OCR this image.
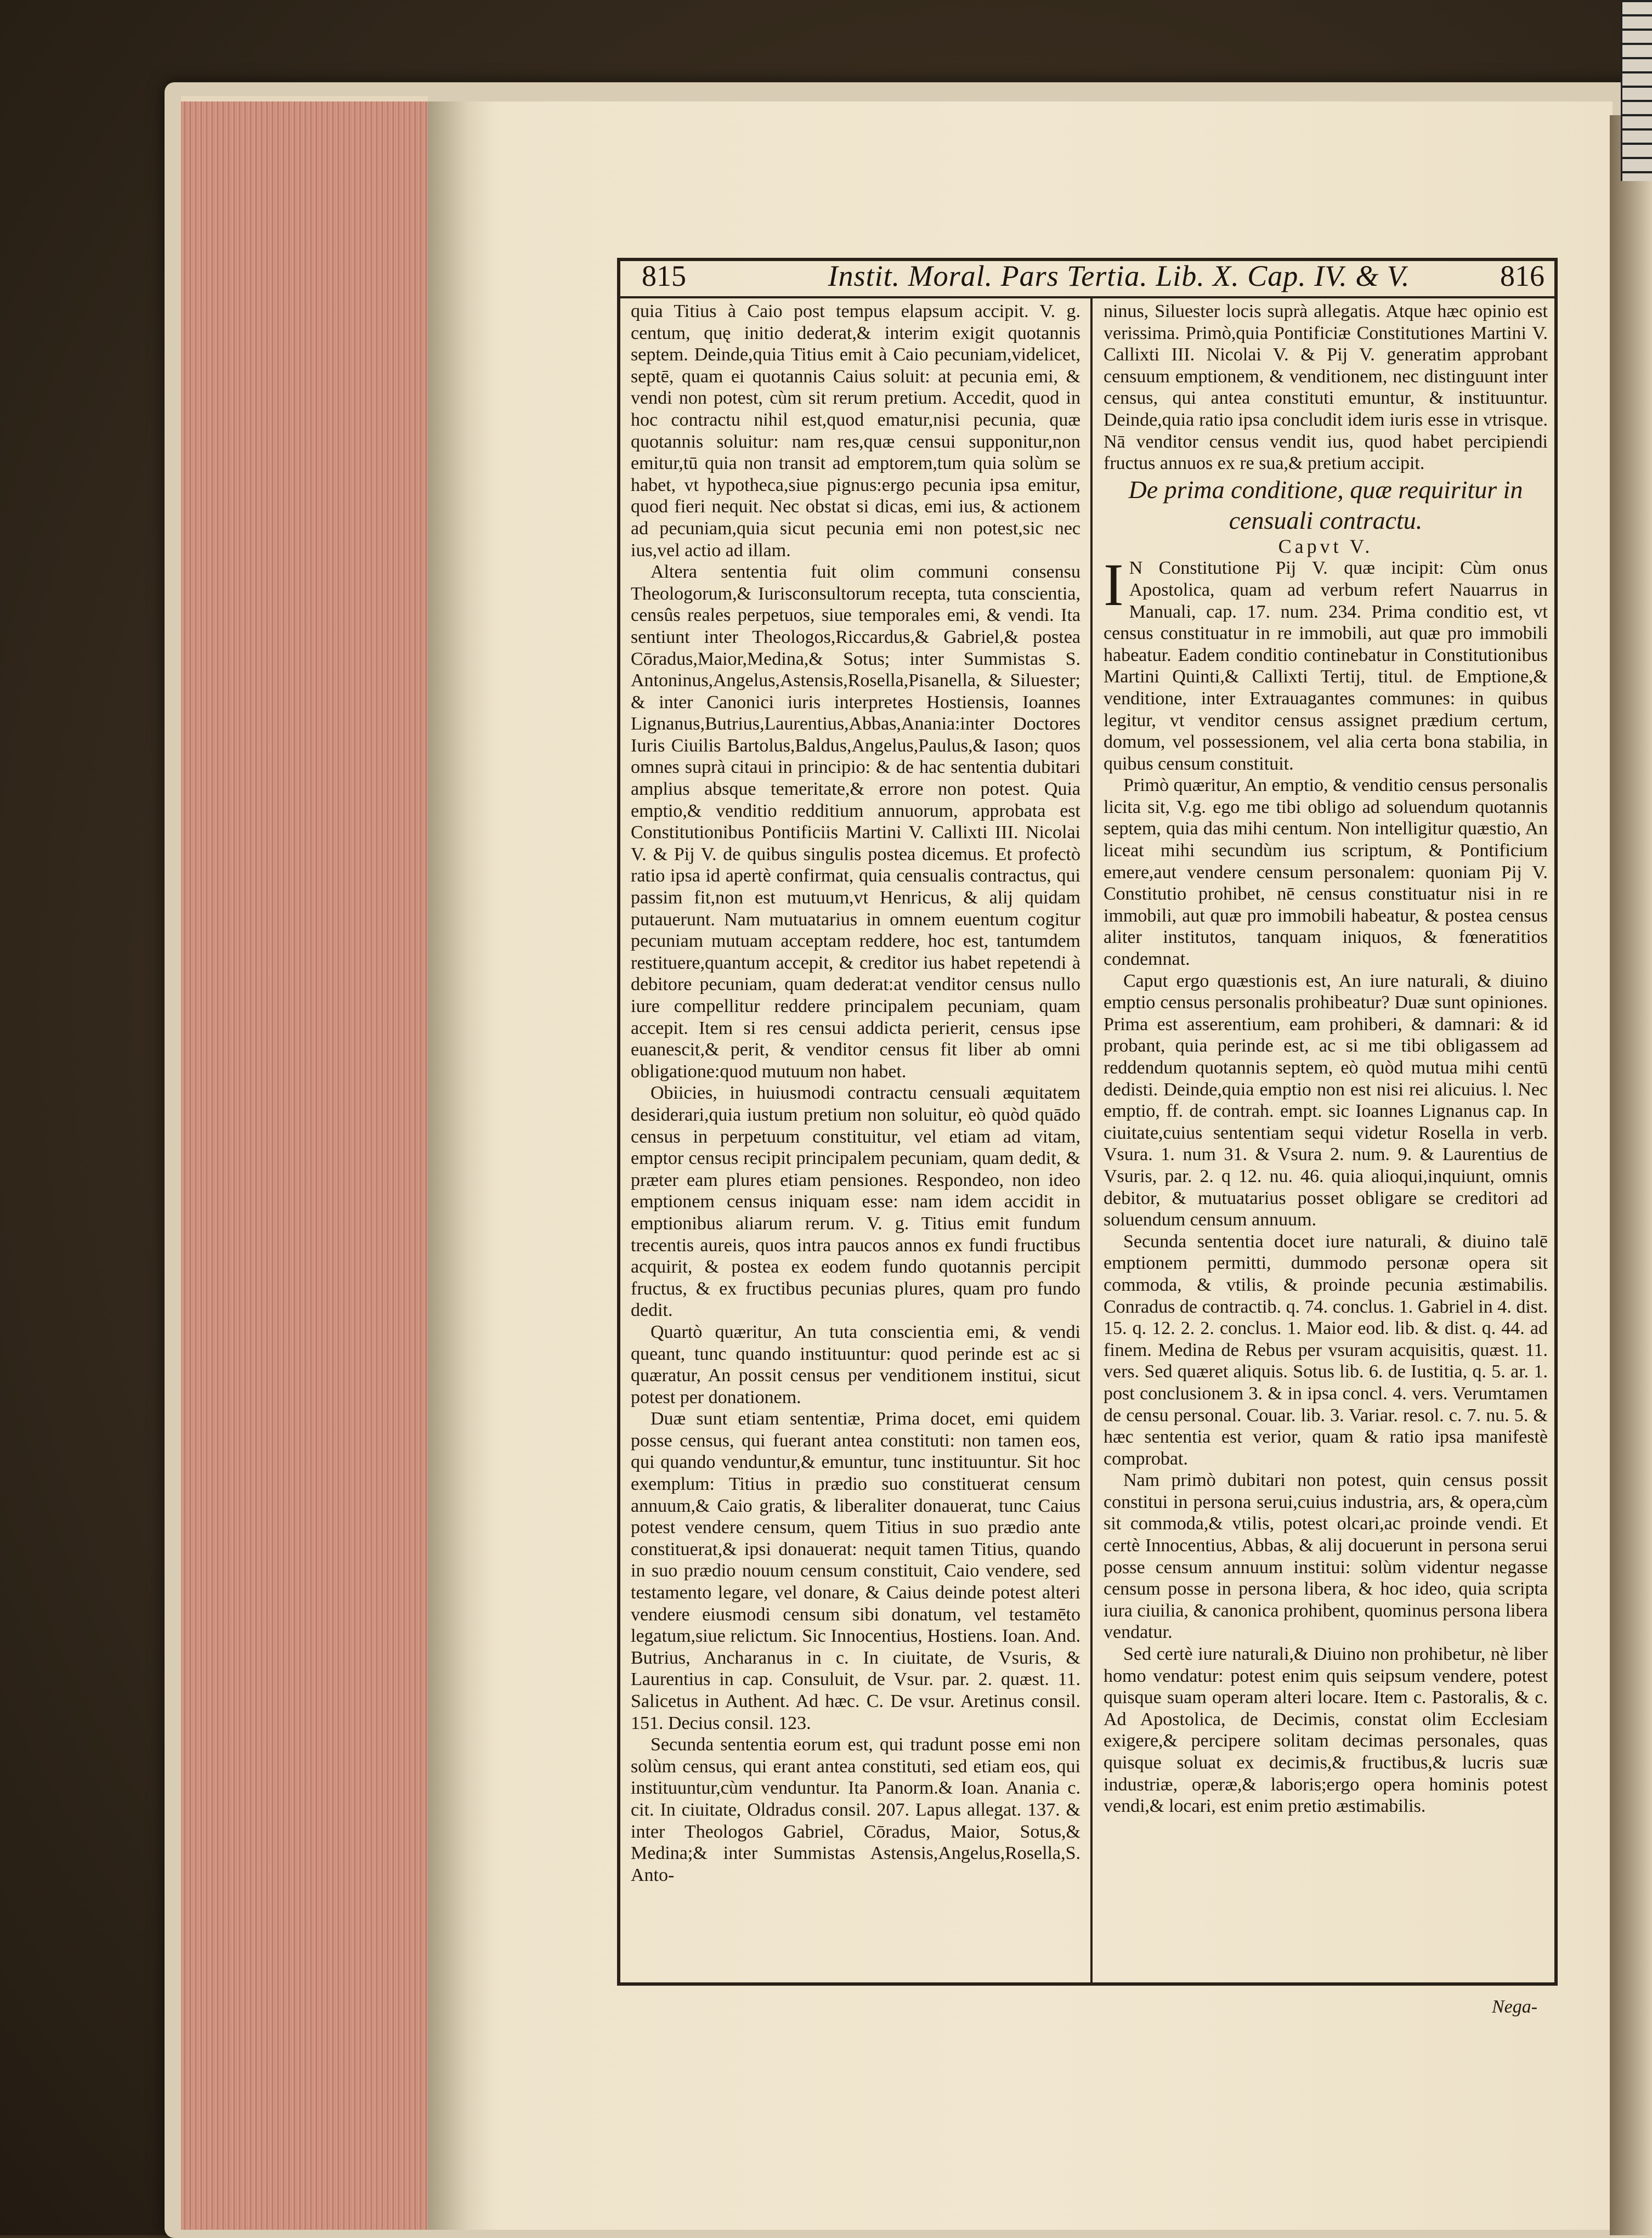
815	Instit. Moral. Pars Tertia. Lib. X. Cap. IV. & V.	816

quia Titius à Caio post tempus elapsum accipit. V. g. centum, quę initio dederat,& interim exigit quotannis septem. Deinde,quia Titius emit à Caio pecuniam,videlicet, septē, quam ei quotannis Caius soluit: at pecunia emi, & vendi non potest, cùm sit rerum pretium. Accedit, quod in hoc contractu nihil est,quod ematur,nisi pecunia, quæ quotannis soluitur: nam res,quæ censui supponitur,non emitur,tū quia non transit ad emptorem,tum quia solùm se habet, vt hypotheca,siue pignus:ergo pecunia ipsa emitur, quod fieri nequit. Nec obstat si dicas, emi ius, & actionem ad pecuniam,quia sicut pecunia emi non potest,sic nec ius,vel actio ad illam.

Altera sententia fuit olim communi consensu Theologorum,& Iurisconsultorum recepta, tuta conscientia, censûs reales perpetuos, siue temporales emi, & vendi. Ita sentiunt inter Theologos,Riccardus,& Gabriel,& postea Cōradus,Maior,Medina,& Sotus; inter Summistas S. Antoninus,Angelus,Astensis,Rosella,Pisanella, & Siluester; & inter Canonici iuris interpretes Hostiensis, Ioannes Lignanus,Butrius,Laurentius,Abbas,Anania:inter Doctores Iuris Ciuilis Bartolus,Baldus,Angelus,Paulus,& Iason; quos omnes suprà citaui in principio: & de hac sententia dubitari amplius absque temeritate,& errore non potest. Quia emptio,& venditio redditium annuorum, approbata est Constitutionibus Pontificiis Martini V. Callixti III. Nicolai V. & Pij V. de quibus singulis postea dicemus. Et profectò ratio ipsa id apertè confirmat, quia censualis contractus, qui passim fit,non est mutuum,vt Henricus, & alij quidam putauerunt. Nam mutuatarius in omnem euentum cogitur pecuniam mutuam acceptam reddere, hoc est, tantumdem restituere,quantum accepit, & creditor ius habet repetendi à debitore pecuniam, quam dederat:at venditor census nullo iure compellitur reddere principalem pecuniam, quam accepit. Item si res censui addicta perierit, census ipse euanescit,& perit, & venditor census fit liber ab omni obligatione:quod mutuum non habet.

Obiicies, in huiusmodi contractu censuali æquitatem desiderari,quia iustum pretium non soluitur, eò quòd quādo census in perpetuum constituitur, vel etiam ad vitam, emptor census recipit principalem pecuniam, quam dedit, & præter eam plures etiam pensiones. Respondeo, non ideo emptionem census iniquam esse: nam idem accidit in emptionibus aliarum rerum. V. g. Titius emit fundum trecentis aureis, quos intra paucos annos ex fundi fructibus acquirit, & postea ex eodem fundo quotannis percipit fructus, & ex fructibus pecunias plures, quam pro fundo dedit.

Quartò quæritur, An tuta conscientia emi, & vendi queant, tunc quando instituuntur: quod perinde est ac si quæratur, An possit census per venditionem institui, sicut potest per donationem.

Duæ sunt etiam sententiæ, Prima docet, emi quidem posse census, qui fuerant antea constituti: non tamen eos, qui quando venduntur,& emuntur, tunc instituuntur. Sit hoc exemplum: Titius in prædio suo constituerat censum annuum,& Caio gratis, & liberaliter donauerat, tunc Caius potest vendere censum, quem Titius in suo prædio ante constituerat,& ipsi donauerat: nequit tamen Titius, quando in suo prædio nouum censum constituit, Caio vendere, sed testamento legare, vel donare, & Caius deinde potest alteri vendere eiusmodi censum sibi donatum, vel testamēto legatum,siue relictum. Sic Innocentius, Hostiens. Ioan. And. Butrius, Ancharanus in c. In ciuitate, de Vsuris, & Laurentius in cap. Consuluit, de Vsur. par. 2. quæst. 11. Salicetus in Authent. Ad hæc. C. De vsur. Aretinus consil. 151. Decius consil. 123.

Secunda sententia eorum est, qui tradunt posse emi non solùm census, qui erant antea constituti, sed etiam eos, qui instituuntur,cùm venduntur. Ita Panorm.& Ioan. Anania c. cit. In ciuitate, Oldradus consil. 207. Lapus allegat. 137. & inter Theologos Gabriel, Cōradus, Maior, Sotus,& Medina;& inter Summistas Astensis,Angelus,Rosella,S. Anto-

ninus, Siluester locis suprà allegatis. Atque hæc opinio est verissima. Primò,quia Pontificiæ Constitutiones Martini V. Callixti III. Nicolai V. & Pij V. generatim approbant censuum emptionem, & venditionem, nec distinguunt inter census, qui antea constituti emuntur, & instituuntur. Deinde,quia ratio ipsa concludit idem iuris esse in vtrisque. Nā venditor census vendit ius, quod habet percipiendi fructus annuos ex re sua,& pretium accipit.

De prima conditione, quæ requiritur in censuali contractu.

Capvt V.

I N Constitutione Pij V. quæ incipit: Cùm onus Apostolica, quam ad verbum refert Nauarrus in Manuali, cap. 17. num. 234. Prima conditio est, vt census constituatur in re immobili, aut quæ pro immobili habeatur. Eadem conditio continebatur in Constitutionibus Martini Quinti,& Callixti Tertij, titul. de Emptione,& venditione, inter Extrauagantes communes: in quibus legitur, vt venditor census assignet prædium certum, domum, vel possessionem, vel alia certa bona stabilia, in quibus censum constituit.

Primò quæritur, An emptio, & venditio census personalis licita sit, V.g. ego me tibi obligo ad soluendum quotannis septem, quia das mihi centum. Non intelligitur quæstio, An liceat mihi secundùm ius scriptum, & Pontificium emere,aut vendere censum personalem: quoniam Pij V. Constitutio prohibet, nē census constituatur nisi in re immobili, aut quæ pro immobili habeatur, & postea census aliter institutos, tanquam iniquos, & fœneratitios condemnat.

Caput ergo quæstionis est, An iure naturali, & diuino emptio census personalis prohibeatur? Duæ sunt opiniones. Prima est asserentium, eam prohiberi, & damnari: & id probant, quia perinde est, ac si me tibi obligassem ad reddendum quotannis septem, eò quòd mutua mihi centū dedisti. Deinde,quia emptio non est nisi rei alicuius. l. Nec emptio, ff. de contrah. empt. sic Ioannes Lignanus cap. In ciuitate,cuius sententiam sequi videtur Rosella in verb. Vsura. 1. num 31. & Vsura 2. num. 9. & Laurentius de Vsuris, par. 2. q 12. nu. 46. quia alioqui,inquiunt, omnis debitor, & mutuatarius posset obligare se creditori ad soluendum censum annuum.

Secunda sententia docet iure naturali, & diuino talē emptionem permitti, dummodo personæ opera sit commoda, & vtilis, & proinde pecunia æstimabilis. Conradus de contractib. q. 74. conclus. 1. Gabriel in 4. dist. 15. q. 12. 2. 2. conclus. 1. Maior eod. lib. & dist. q. 44. ad finem. Medina de Rebus per vsuram acquisitis, quæst. 11. vers. Sed quæret aliquis. Sotus lib. 6. de Iustitia, q. 5. ar. 1. post conclusionem 3. & in ipsa concl. 4. vers. Verumtamen de censu personal. Couar. lib. 3. Variar. resol. c. 7. nu. 5. & hæc sententia est verior, quam & ratio ipsa manifestè comprobat.

Nam primò dubitari non potest, quin census possit constitui in persona serui,cuius industria, ars, & opera,cùm sit commoda,& vtilis, potest olcari,ac proinde vendi. Et certè Innocentius, Abbas, & alij docuerunt in persona serui posse censum annuum institui: solùm videntur negasse censum posse in persona libera, & hoc ideo, quia scripta iura ciuilia, & canonica prohibent, quominus persona libera vendatur.

Sed certè iure naturali,& Diuino non prohibetur, nè liber homo vendatur: potest enim quis seipsum vendere, potest quisque suam operam alteri locare. Item c. Pastoralis, & c. Ad Apostolica, de Decimis, constat olim Ecclesiam exigere,& percipere solitam decimas personales, quas quisque soluat ex decimis,& fructibus,& lucris suæ industriæ, operæ,& laboris;ergo opera hominis potest vendi,& locari, est enim pretio æstimabilis.

Nega-
